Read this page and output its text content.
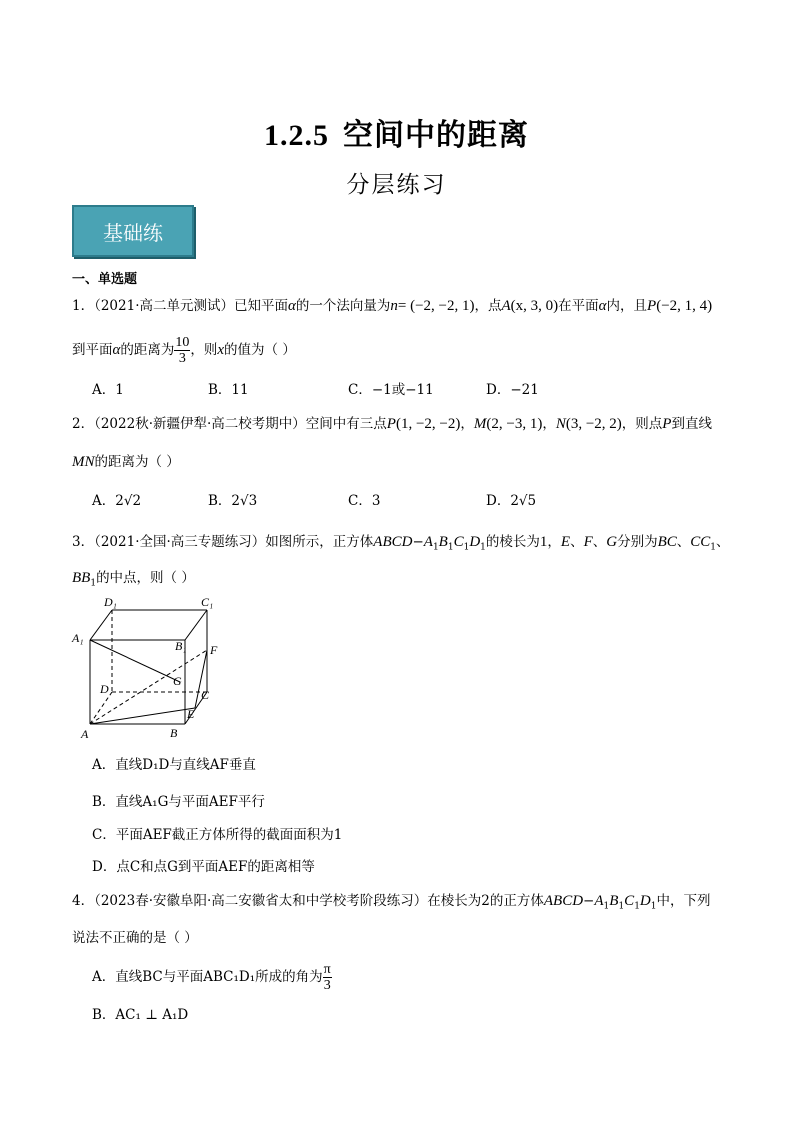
1.2.5 空间中的距离
分层练习
基础练
一、单选题
1．（2021·高二单元测试）已知平面α的一个法向量为n= (−2, −2, 1)，点A(x, 3, 0)在平面α内，且P(−2, 1, 4)
到平面α的距离为 $\frac{10}{3}$ ，则x的值为（ ）
A．1	B．11	C．−1或−11	D．−21
2．（2022秋·新疆伊犁·高二校考期中）空间中有三点P(1, −2, −2)，M(2, −3, 1)，N(3, −2, 2)，则点P到直线
MN的距离为（ ）
A．2√2	B．2√3	C．3	D．2√5
3．（2021·全国·高三专题练习）如图所示，正方体$ABCD-A_1B_1C_1D_1$的棱长为1，E、F、G分别为BC、$CC_1$、
$BB_1$的中点，则（ ）
D₁	C₁
A₁
B₁ F
D
G
C
E
A	B
A．直线D₁D与直线AF垂直
B．直线A₁G与平面AEF平行
C．平面AEF截正方体所得的截面面积为1
D．点C和点G到平面AEF的距离相等
4．（2023春·安徽阜阳·高二安徽省太和中学校考阶段练习）在棱长为2的正方体$ABCD-A_1B_1C_1D_1$中，下列
说法不正确的是（ ）
A．直线BC与平面ABC₁D₁所成的角为 $\frac{\pi}{3}$
B．AC₁ ⊥ A₁D
